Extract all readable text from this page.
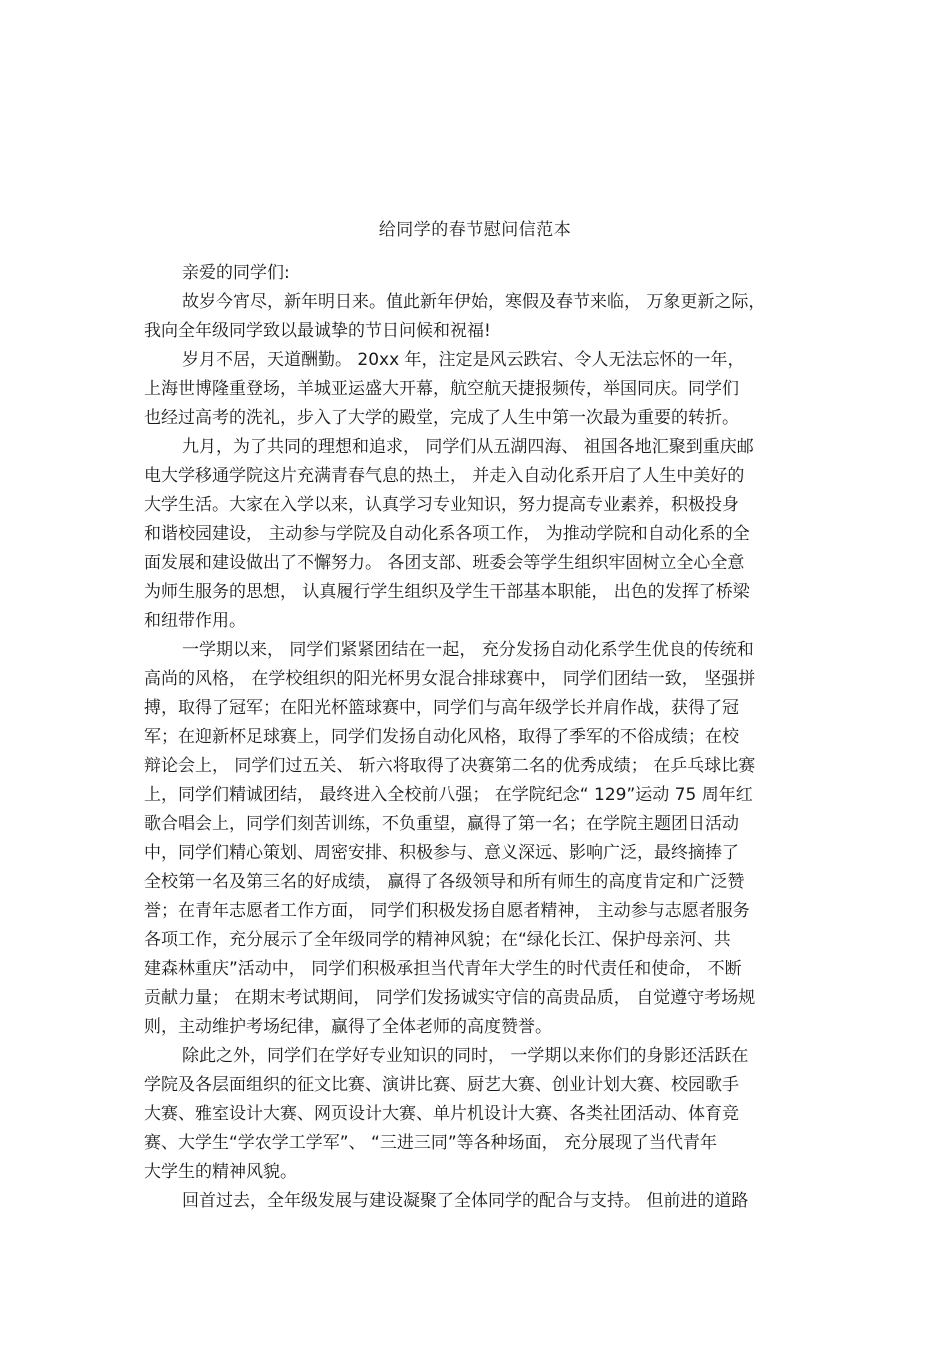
给同学的春节慰问信范本
亲爱的同学们:
故岁今宵尽，新年明日来。值此新年伊始，寒假及春节来临， 万象更新之际，
我向全年级同学致以最诚挚的节日问候和祝福!
岁月不居，天道酬勤。 20xx 年，注定是风云跌宕、令人无法忘怀的一年，
上海世博隆重登场，羊城亚运盛大开幕，航空航天捷报频传，举国同庆。同学们
也经过高考的洗礼，步入了大学的殿堂，完成了人生中第一次最为重要的转折。
九月，为了共同的理想和追求， 同学们从五湖四海、 祖国各地汇聚到重庆邮
电大学移通学院这片充满青春气息的热土， 并走入自动化系开启了人生中美好的
大学生活。大家在入学以来，认真学习专业知识，努力提高专业素养，积极投身
和谐校园建设， 主动参与学院及自动化系各项工作， 为推动学院和自动化系的全
面发展和建设做出了不懈努力。 各团支部、班委会等学生组织牢固树立全心全意
为师生服务的思想， 认真履行学生组织及学生干部基本职能， 出色的发挥了桥梁
和纽带作用。
一学期以来， 同学们紧紧团结在一起， 充分发扬自动化系学生优良的传统和
高尚的风格， 在学校组织的阳光杯男女混合排球赛中， 同学们团结一致， 坚强拼
搏，取得了冠军；在阳光杯篮球赛中，同学们与高年级学长并肩作战，获得了冠
军；在迎新杯足球赛上，同学们发扬自动化风格，取得了季军的不俗成绩；在校
辩论会上， 同学们过五关、 斩六将取得了决赛第二名的优秀成绩； 在乒乓球比赛
上，同学们精诚团结， 最终进入全校前八强； 在学院纪念“ 129”运动 75 周年红
歌合唱会上，同学们刻苦训练，不负重望，赢得了第一名；在学院主题团日活动
中，同学们精心策划、周密安排、积极参与、意义深远、影响广泛，最终摘捧了
全校第一名及第三名的好成绩， 赢得了各级领导和所有师生的高度肯定和广泛赞
誉；在青年志愿者工作方面， 同学们积极发扬自愿者精神， 主动参与志愿者服务
各项工作，充分展示了全年级同学的精神风貌；在“绿化长江、保护母亲河、共
建森林重庆”活动中， 同学们积极承担当代青年大学生的时代责任和使命， 不断
贡献力量； 在期末考试期间， 同学们发扬诚实守信的高贵品质， 自觉遵守考场规
则，主动维护考场纪律，赢得了全体老师的高度赞誉。
除此之外，同学们在学好专业知识的同时， 一学期以来你们的身影还活跃在
学院及各层面组织的征文比赛、演讲比赛、厨艺大赛、创业计划大赛、校园歌手
大赛、雅室设计大赛、网页设计大赛、单片机设计大赛、各类社团活动、体育竞
赛、大学生“学农学工学军”、 “三进三同”等各种场面， 充分展现了当代青年
大学生的精神风貌。
回首过去，全年级发展与建设凝聚了全体同学的配合与支持。 但前进的道路
